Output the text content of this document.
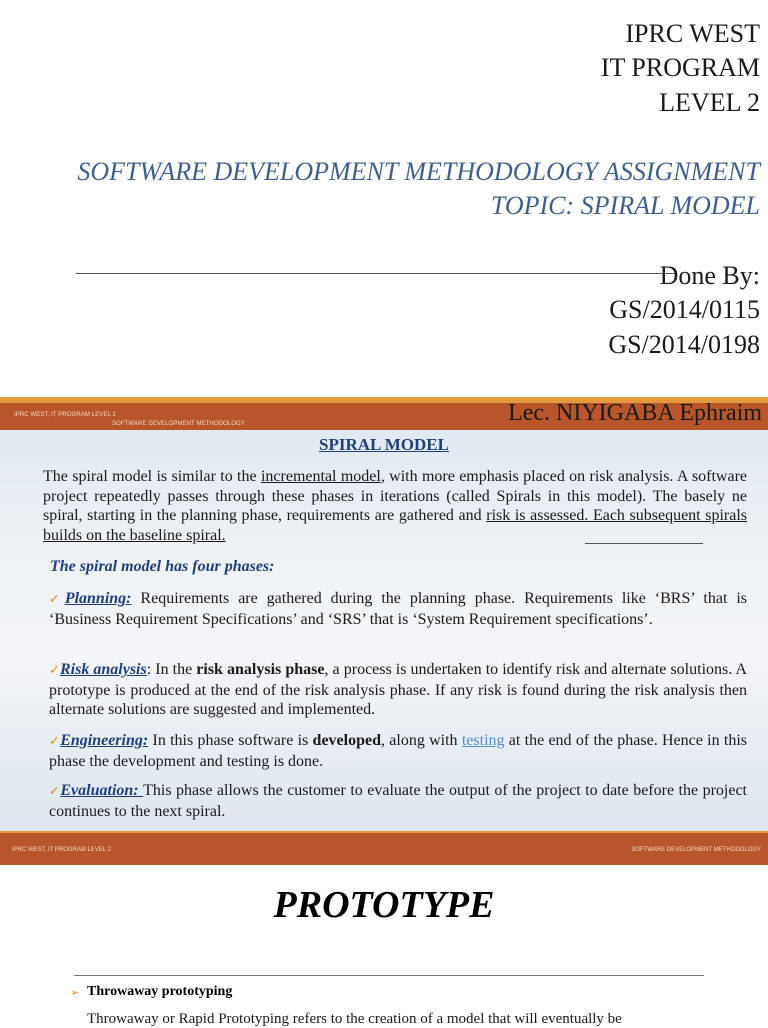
IPRC WEST
IT PROGRAM
LEVEL 2
SOFTWARE DEVELOPMENT METHODOLOGY ASSIGNMENT
TOPIC: SPIRAL MODEL
Done By:
GS/2014/0115
GS/2014/0198
IPRC WEST, IT PROGRAM LEVEL 2
SOFTWARE DEVELOPMENT METHODOLOGY	Lec. NIYIGABA Ephraim
SPIRAL MODEL
The spiral model is similar to the incremental model, with more emphasis placed on risk analysis. A software project repeatedly passes through these phases in iterations (called Spirals in this model). The basely ne spiral, starting in the planning phase, requirements are gathered and risk is assessed. Each subsequent spirals builds on the baseline spiral.
The spiral model has four phases:
✓Planning: Requirements are gathered during the planning phase. Requirements like ‘BRS’ that is ‘Business Requirement Specifications’ and ‘SRS’ that is ‘System Requirement specifications’.
✓Risk analysis: In the risk analysis phase, a process is undertaken to identify risk and alternate solutions. A prototype is produced at the end of the risk analysis phase. If any risk is found during the risk analysis then alternate solutions are suggested and implemented.
✓Engineering: In this phase software is developed, along with testing at the end of the phase. Hence in this phase the development and testing is done.
✓Evaluation: This phase allows the customer to evaluate the output of the project to date before the project continues to the next spiral.
IPRC WEST, IT PROGRAM LEVEL 2	SOFTWARE DEVELOPMENT METHODOLOGY
PROTOTYPE
➢ Throwaway prototyping
Throwaway or Rapid Prototyping refers to the creation of a model that will eventually be
